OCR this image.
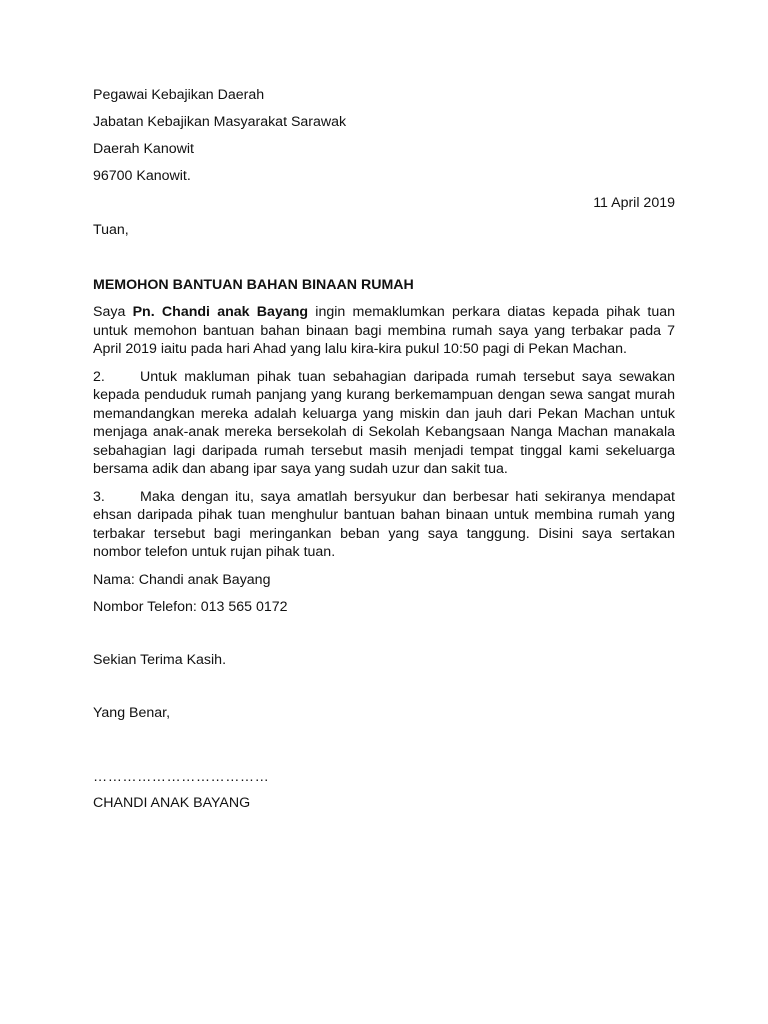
Pegawai Kebajikan Daerah

Jabatan Kebajikan Masyarakat Sarawak

Daerah Kanowit

96700 Kanowit.

11 April 2019

Tuan,

MEMOHON BANTUAN BAHAN BINAAN RUMAH

Saya Pn. Chandi anak Bayang ingin memaklumkan perkara diatas kepada pihak tuan untuk memohon bantuan bahan binaan bagi membina rumah saya yang terbakar pada 7 April 2019 iaitu pada hari Ahad yang lalu kira-kira pukul 10:50 pagi di Pekan Machan.

2. Untuk makluman pihak tuan sebahagian daripada rumah tersebut saya sewakan kepada penduduk rumah panjang yang kurang berkemampuan dengan sewa sangat murah memandangkan mereka adalah keluarga yang miskin dan jauh dari Pekan Machan untuk menjaga anak-anak mereka bersekolah di Sekolah Kebangsaan Nanga Machan manakala sebahagian lagi daripada rumah tersebut masih menjadi tempat tinggal kami sekeluarga bersama adik dan abang ipar saya yang sudah uzur dan sakit tua.

3. Maka dengan itu, saya amatlah bersyukur dan berbesar hati sekiranya mendapat ehsan daripada pihak tuan menghulur bantuan bahan binaan untuk membina rumah yang terbakar tersebut bagi meringankan beban yang saya tanggung. Disini saya sertakan nombor telefon untuk rujan pihak tuan.

Nama: Chandi anak Bayang

Nombor Telefon: 013 565 0172

Sekian Terima Kasih.

Yang Benar,

………………………………

CHANDI ANAK BAYANG
